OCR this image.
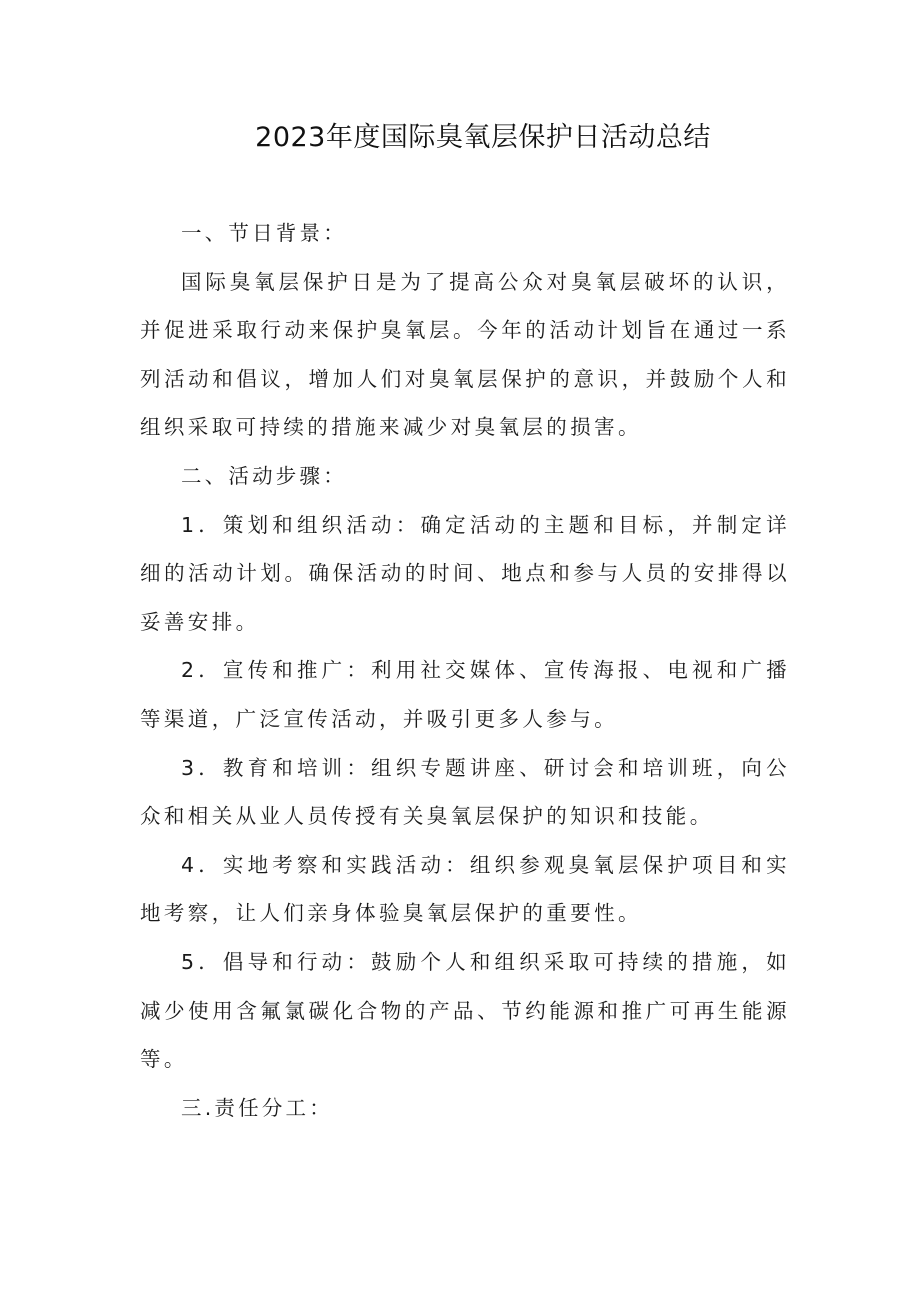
2023年度国际臭氧层保护日活动总结

一、节日背景：

国际臭氧层保护日是为了提高公众对臭氧层破坏的认识，并促进采取行动来保护臭氧层。今年的活动计划旨在通过一系列活动和倡议，增加人们对臭氧层保护的意识，并鼓励个人和组织采取可持续的措施来减少对臭氧层的损害。

二、活动步骤：

1．策划和组织活动：确定活动的主题和目标，并制定详细的活动计划。确保活动的时间、地点和参与人员的安排得以妥善安排。

2．宣传和推广：利用社交媒体、宣传海报、电视和广播等渠道，广泛宣传活动，并吸引更多人参与。

3．教育和培训：组织专题讲座、研讨会和培训班，向公众和相关从业人员传授有关臭氧层保护的知识和技能。

4．实地考察和实践活动：组织参观臭氧层保护项目和实地考察，让人们亲身体验臭氧层保护的重要性。

5．倡导和行动：鼓励个人和组织采取可持续的措施，如减少使用含氟氯碳化合物的产品、节约能源和推广可再生能源等。

三.责任分工：
